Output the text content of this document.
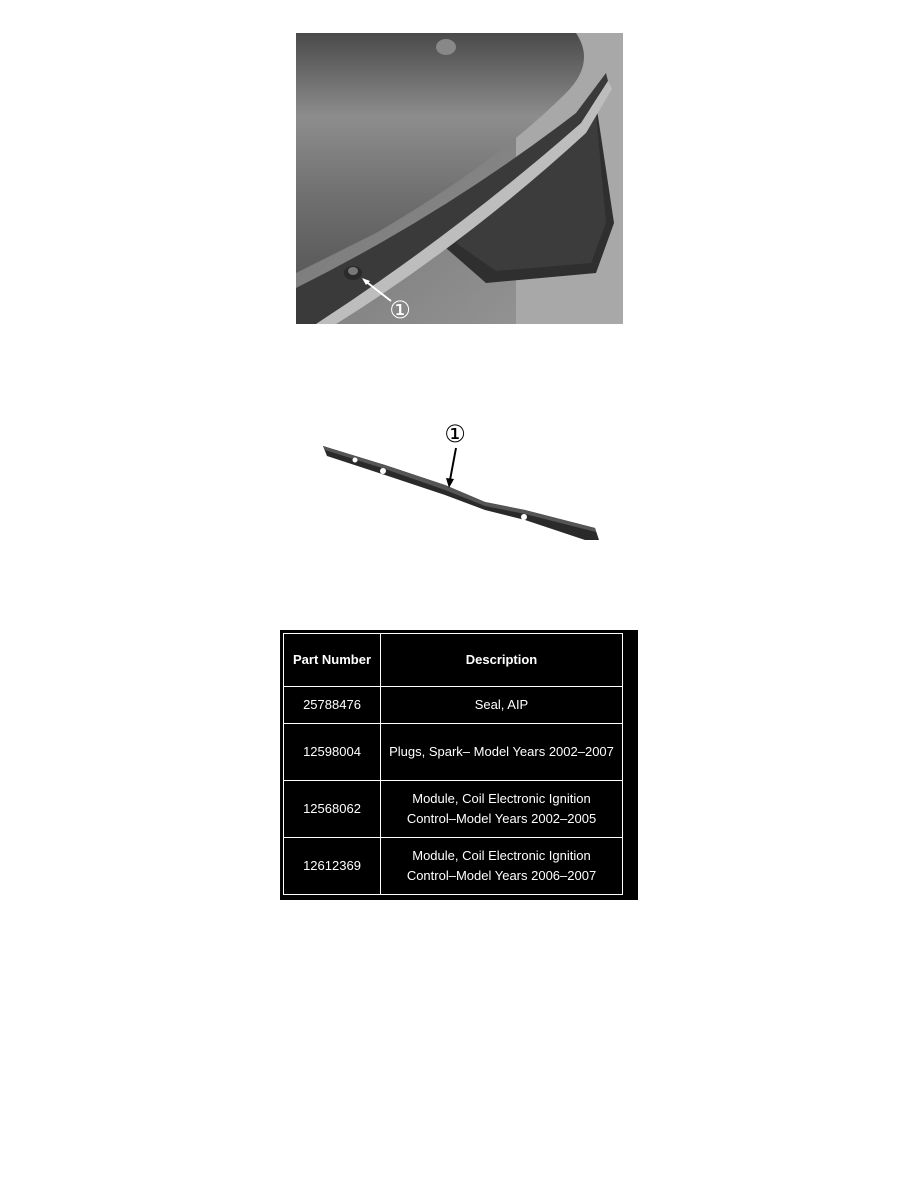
①
①
Part Number	Description
25788476	Seal, AIP
12598004	Plugs, Spark– Model Years 2002–2007
12568062	Module, Coil Electronic Ignition Control–Model Years 2002–2005
12612369	Module, Coil Electronic Ignition Control–Model Years 2006–2007
